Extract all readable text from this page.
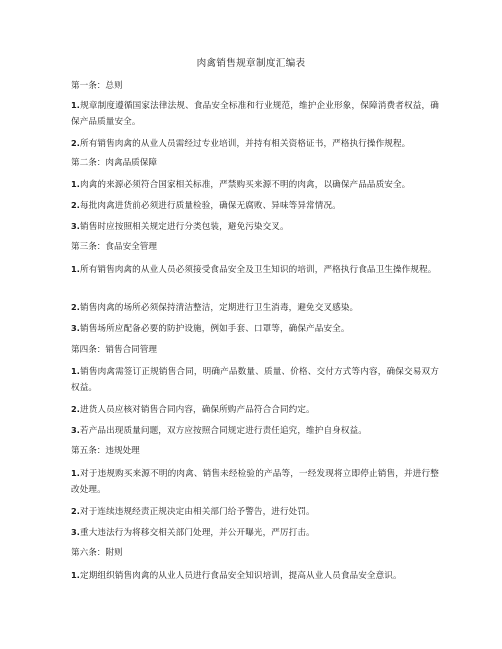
肉禽销售规章制度汇编表
第一条：总则
1.规章制度遵循国家法律法规、食品安全标准和行业规范，维护企业形象，保障消费者权益，确保产品质量安全。
2.所有销售肉禽的从业人员需经过专业培训，并持有相关资格证书，严格执行操作规程。
第二条：肉禽品质保障
1.肉禽的来源必须符合国家相关标准，严禁购买来源不明的肉禽，以确保产品品质安全。
2.每批肉禽进货前必须进行质量检验，确保无腐败、异味等异常情况。
3.销售时应按照相关规定进行分类包装，避免污染交叉。
第三条：食品安全管理
1.所有销售肉禽的从业人员必须接受食品安全及卫生知识的培训，严格执行食品卫生操作规程。
2.销售肉禽的场所必须保持清洁整洁，定期进行卫生消毒，避免交叉感染。
3.销售场所应配备必要的防护设施，例如手套、口罩等，确保产品安全。
第四条：销售合同管理
1.销售肉禽需签订正规销售合同，明确产品数量、质量、价格、交付方式等内容，确保交易双方权益。
2.进货人员应核对销售合同内容，确保所购产品符合合同约定。
3.若产品出现质量问题，双方应按照合同规定进行责任追究，维护自身权益。
第五条：违规处理
1.对于违规购买来源不明的肉禽、销售未经检验的产品等，一经发现将立即停止销售，并进行整改处理。
2.对于连续违规经责正规决定由相关部门给予警告，进行处罚。
3.重大违法行为将移交相关部门处理，并公开曝光，严厉打击。
第六条：附则
1.定期组织销售肉禽的从业人员进行食品安全知识培训，提高从业人员食品安全意识。
